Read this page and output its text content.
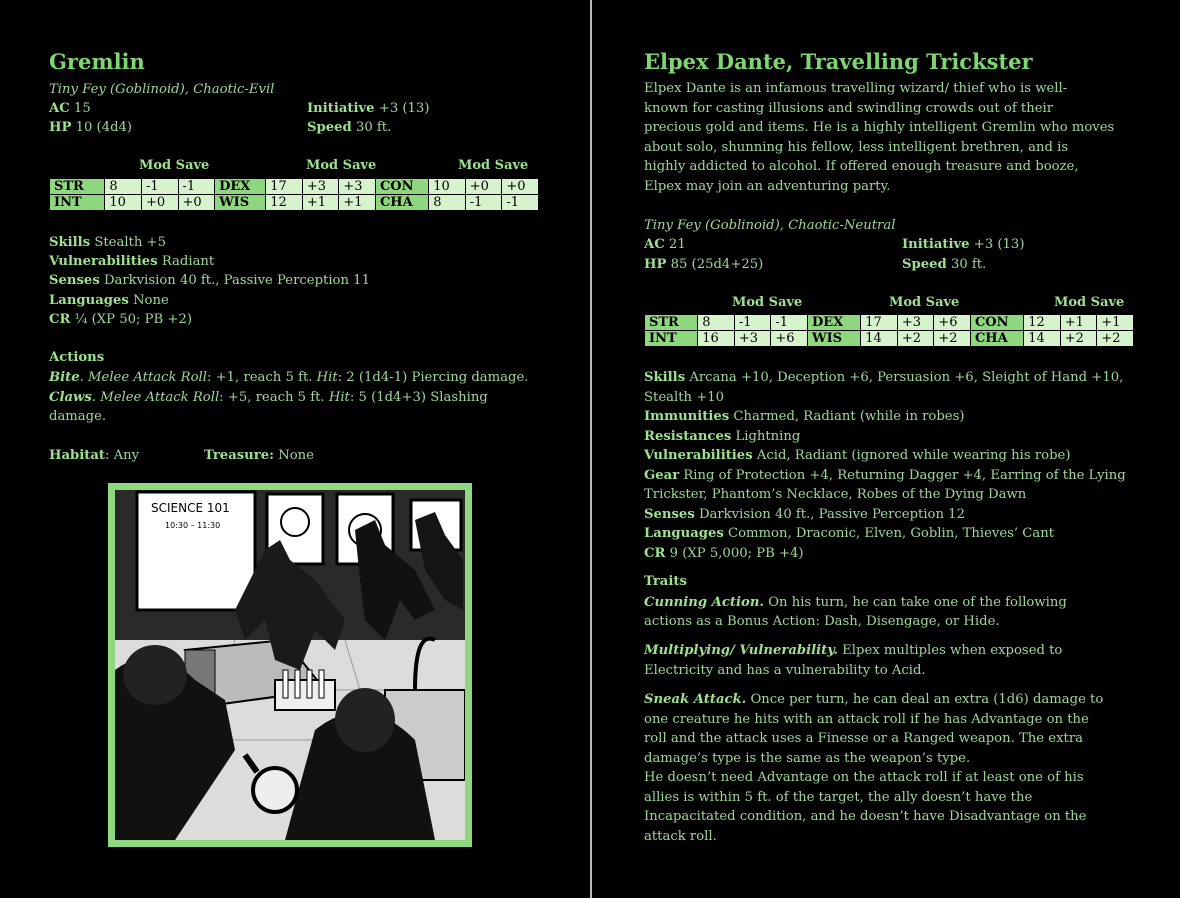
Gremlin
Tiny Fey (Goblinoid), Chaotic-Evil
AC 15	Initiative +3 (13)
HP 10 (4d4)	Speed 30 ft.
Mod Save	Mod Save	Mod Save
STR	8	-1	-1	DEX	17	+3	+3	CON	10	+0	+0
INT	10	+0	+0	WIS	12	+1	+1	CHA	8	-1	-1
Skills Stealth +5
Vulnerabilities Radiant
Senses Darkvision 40 ft., Passive Perception 11
Languages None
CR ¼ (XP 50; PB +2)
Actions
Bite. Melee Attack Roll: +1, reach 5 ft. Hit: 2 (1d4-1) Piercing damage.
Claws. Melee Attack Roll: +5, reach 5 ft. Hit: 5 (1d4+3) Slashing
damage.
Habitat: Any	Treasure: None
SCIENCE 101
10:30 – 11:30
Elpex Dante, Travelling Trickster
Elpex Dante is an infamous travelling wizard/ thief who is well-
known for casting illusions and swindling crowds out of their
precious gold and items. He is a highly intelligent Gremlin who moves
about solo, shunning his fellow, less intelligent brethren, and is
highly addicted to alcohol. If offered enough treasure and booze,
Elpex may join an adventuring party.
Tiny Fey (Goblinoid), Chaotic-Neutral
AC 21	Initiative +3 (13)
HP 85 (25d4+25)	Speed 30 ft.
Mod Save	Mod Save	Mod Save
STR	8	-1	-1	DEX	17	+3	+6	CON	12	+1	+1
INT	16	+3	+6	WIS	14	+2	+2	CHA	14	+2	+2
Skills Arcana +10, Deception +6, Persuasion +6, Sleight of Hand +10,
Stealth +10
Immunities Charmed, Radiant (while in robes)
Resistances Lightning
Vulnerabilities Acid, Radiant (ignored while wearing his robe)
Gear Ring of Protection +4, Returning Dagger +4, Earring of the Lying
Trickster, Phantom’s Necklace, Robes of the Dying Dawn
Senses Darkvision 40 ft., Passive Perception 12
Languages Common, Draconic, Elven, Goblin, Thieves’ Cant
CR 9 (XP 5,000; PB +4)
Traits
Cunning Action. On his turn, he can take one of the following
actions as a Bonus Action: Dash, Disengage, or Hide.
Multiplying/ Vulnerability. Elpex multiples when exposed to
Electricity and has a vulnerability to Acid.
Sneak Attack. Once per turn, he can deal an extra (1d6) damage to
one creature he hits with an attack roll if he has Advantage on the
roll and the attack uses a Finesse or a Ranged weapon. The extra
damage’s type is the same as the weapon’s type.
He doesn’t need Advantage on the attack roll if at least one of his
allies is within 5 ft. of the target, the ally doesn’t have the
Incapacitated condition, and he doesn’t have Disadvantage on the
attack roll.
